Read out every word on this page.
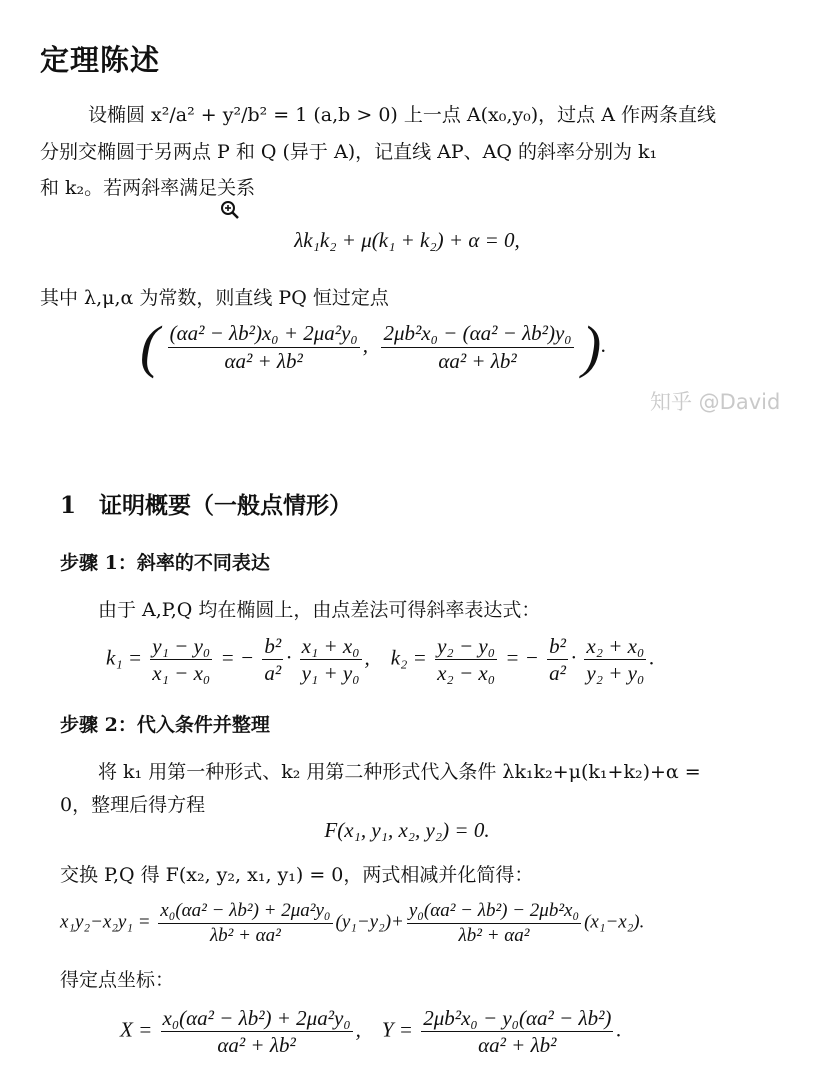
定理陈述
设椭圆 x²/a² + y²/b² = 1 (a,b > 0) 上一点 A(x₀,y₀)，过点 A 作两条直线
分别交椭圆于另两点 P 和 Q (异于 A)，记直线 AP、AQ 的斜率分别为 k₁
和 k₂。若两斜率满足关系
λk₁k₂ + μ(k₁ + k₂) + α = 0,
其中 λ,μ,α 为常数，则直线 PQ 恒过定点
( $\frac{\text{(αa² − λb²)x₀ + 2μa²y₀}}{\text{αa² + λb²}}$ , $\frac{\text{2μb²x₀ − (αa² − λb²)y₀}}{\text{αa² + λb²}}$ ).
知乎 @David
1　证明概要（一般点情形）
步骤 1：斜率的不同表达
由于 A,P,Q 均在椭圆上，由点差法可得斜率表达式：
$k_1 = \frac{\text{y₁ − y₀}}{\text{x₁ − x₀}}$ = − $\frac{\text{b²}}{\text{a²}} \cdot \frac{\text{x₁ + x₀}}{\text{y₁ + y₀}}$ ,    $k_2 = \frac{\text{y₂ − y₀}}{\text{x₂ − x₀}}$ = − $\frac{\text{b²}}{\text{a²}} \cdot \frac{\text{x₂ + x₀}}{\text{y₂ + y₀}}$ .
步骤 2：代入条件并整理
将 k₁ 用第一种形式、k₂ 用第二种形式代入条件 λk₁k₂+μ(k₁+k₂)+α =
0，整理后得方程
F(x₁, y₁, x₂, y₂) = 0.
交换 P,Q 得 F(x₂, y₂, x₁, y₁) = 0，两式相减并化简得：
$x_1y_2-x_2y_1 = \frac{\text{x₀(αa² − λb²) + 2μa²y₀}}{\text{λb² + αa²}} (y_1-y_2)+ \frac{\text{y₀(αa² − λb²) − 2μb²x₀}}{\text{λb² + αa²}} (x_1-x_2)$.
得定点坐标：
$X = \frac{\text{x₀(αa² − λb²) + 2μa²y₀}}{\text{αa² + λb²}}$ ,    $Y = \frac{\text{2μb²x₀ − y₀(αa² − λb²)}}{\text{αa² + λb²}}$ .
